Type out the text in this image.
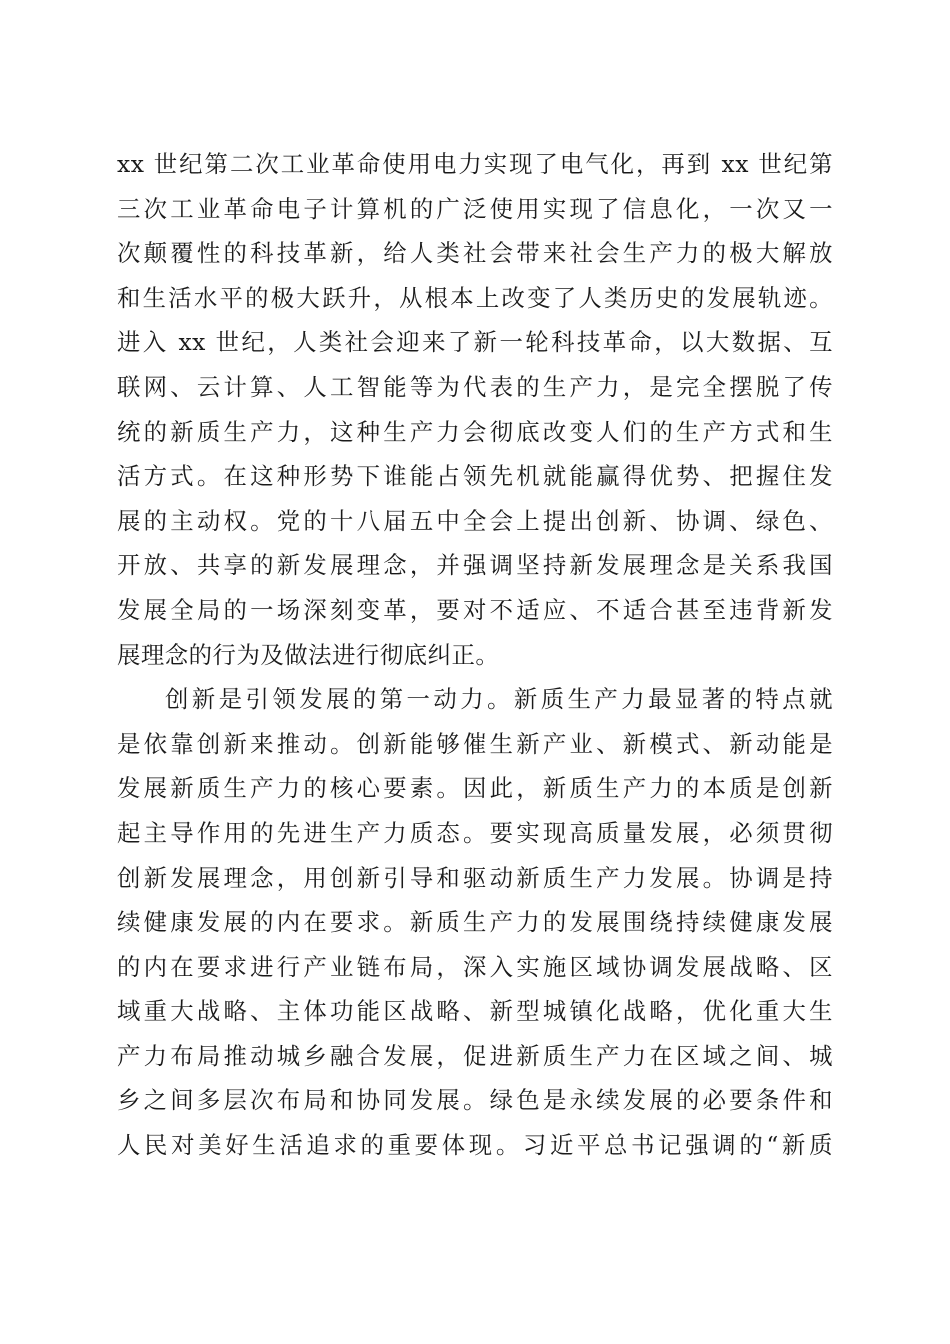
xx 世纪第二次工业革命使用电力实现了电气化，再到 xx 世纪第
三次工业革命电子计算机的广泛使用实现了信息化，一次又一
次颠覆性的科技革新，给人类社会带来社会生产力的极大解放
和生活水平的极大跃升，从根本上改变了人类历史的发展轨迹。
进入 xx 世纪，人类社会迎来了新一轮科技革命，以大数据、互
联网、云计算、人工智能等为代表的生产力，是完全摆脱了传
统的新质生产力，这种生产力会彻底改变人们的生产方式和生
活方式。在这种形势下谁能占领先机就能赢得优势、把握住发
展的主动权。党的十八届五中全会上提出创新、协调、绿色、
开放、共享的新发展理念，并强调坚持新发展理念是关系我国
发展全局的一场深刻变革，要对不适应、不适合甚至违背新发
展理念的行为及做法进行彻底纠正。
创新是引领发展的第一动力。新质生产力最显著的特点就
是依靠创新来推动。创新能够催生新产业、新模式、新动能是
发展新质生产力的核心要素。因此，新质生产力的本质是创新
起主导作用的先进生产力质态。要实现高质量发展，必须贯彻
创新发展理念，用创新引导和驱动新质生产力发展。协调是持
续健康发展的内在要求。新质生产力的发展围绕持续健康发展
的内在要求进行产业链布局，深入实施区域协调发展战略、区
域重大战略、主体功能区战略、新型城镇化战略，优化重大生
产力布局推动城乡融合发展，促进新质生产力在区域之间、城
乡之间多层次布局和协同发展。绿色是永续发展的必要条件和
人民对美好生活追求的重要体现。习近平总书记强调的“新质
